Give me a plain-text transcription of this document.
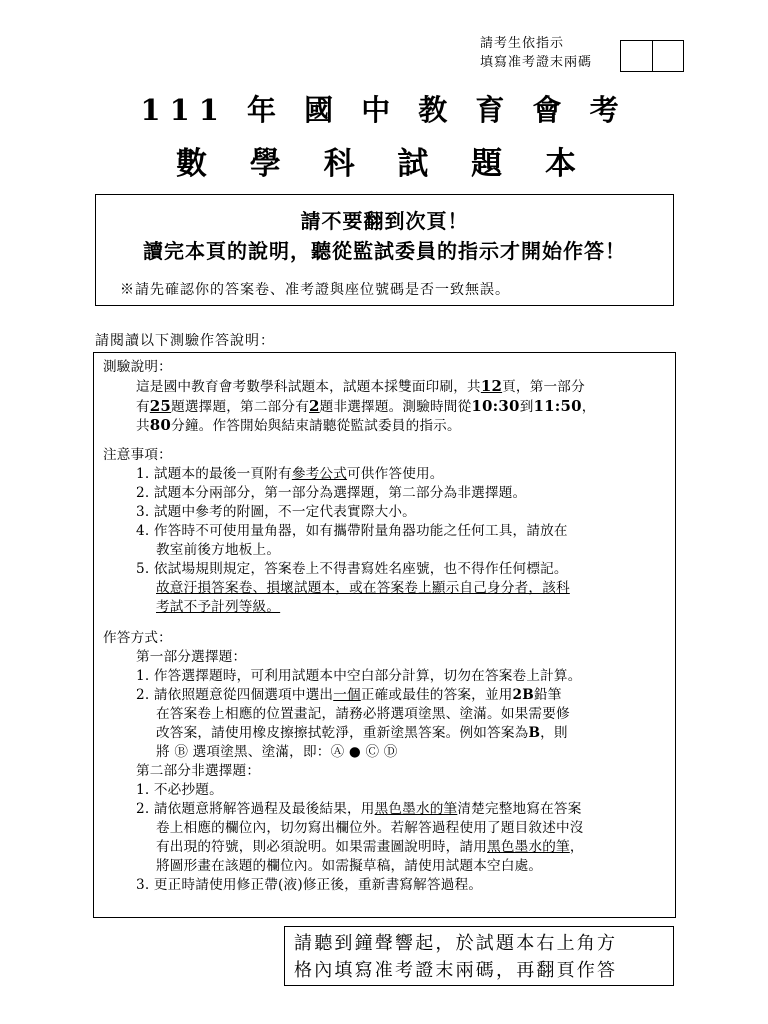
請考生依指示
填寫准考證末兩碼
111 年 國 中 教 育 會 考
數 學 科 試 題 本
請不要翻到次頁！
讀完本頁的說明，聽從監試委員的指示才開始作答！
※請先確認你的答案卷、准考證與座位號碼是否一致無誤。
請閱讀以下測驗作答說明：
測驗說明：
這是國中教育會考數學科試題本，試題本採雙面印刷，共12頁，第一部分
有25題選擇題，第二部分有2題非選擇題。測驗時間從10:30到11:50，
共80分鐘。作答開始與結束請聽從監試委員的指示。
注意事項：
1. 試題本的最後一頁附有參考公式可供作答使用。
2. 試題本分兩部分，第一部分為選擇題，第二部分為非選擇題。
3. 試題中參考的附圖，不一定代表實際大小。
4. 作答時不可使用量角器，如有攜帶附量角器功能之任何工具，請放在
教室前後方地板上。
5. 依試場規則規定，答案卷上不得書寫姓名座號，也不得作任何標記。
故意汙損答案卷、損壞試題本，或在答案卷上顯示自己身分者，該科
考試不予計列等級。
作答方式：
第一部分選擇題：
1. 作答選擇題時，可利用試題本中空白部分計算，切勿在答案卷上計算。
2. 請依照題意從四個選項中選出一個正確或最佳的答案，並用2B鉛筆
在答案卷上相應的位置畫記，請務必將選項塗黑、塗滿。如果需要修
改答案，請使用橡皮擦擦拭乾淨，重新塗黑答案。例如答案為B，則
將 Ⓑ 選項塗黑、塗滿，即：Ⓐ ● Ⓒ Ⓓ
第二部分非選擇題：
1. 不必抄題。
2. 請依題意將解答過程及最後結果，用黑色墨水的筆清楚完整地寫在答案
卷上相應的欄位內，切勿寫出欄位外。若解答過程使用了題目敘述中沒
有出現的符號，則必須說明。如果需畫圖說明時，請用黑色墨水的筆，
將圖形畫在該題的欄位內。如需擬草稿，請使用試題本空白處。
3. 更正時請使用修正帶(液)修正後，重新書寫解答過程。
請聽到鐘聲響起，於試題本右上角方
格內填寫准考證末兩碼，再翻頁作答
